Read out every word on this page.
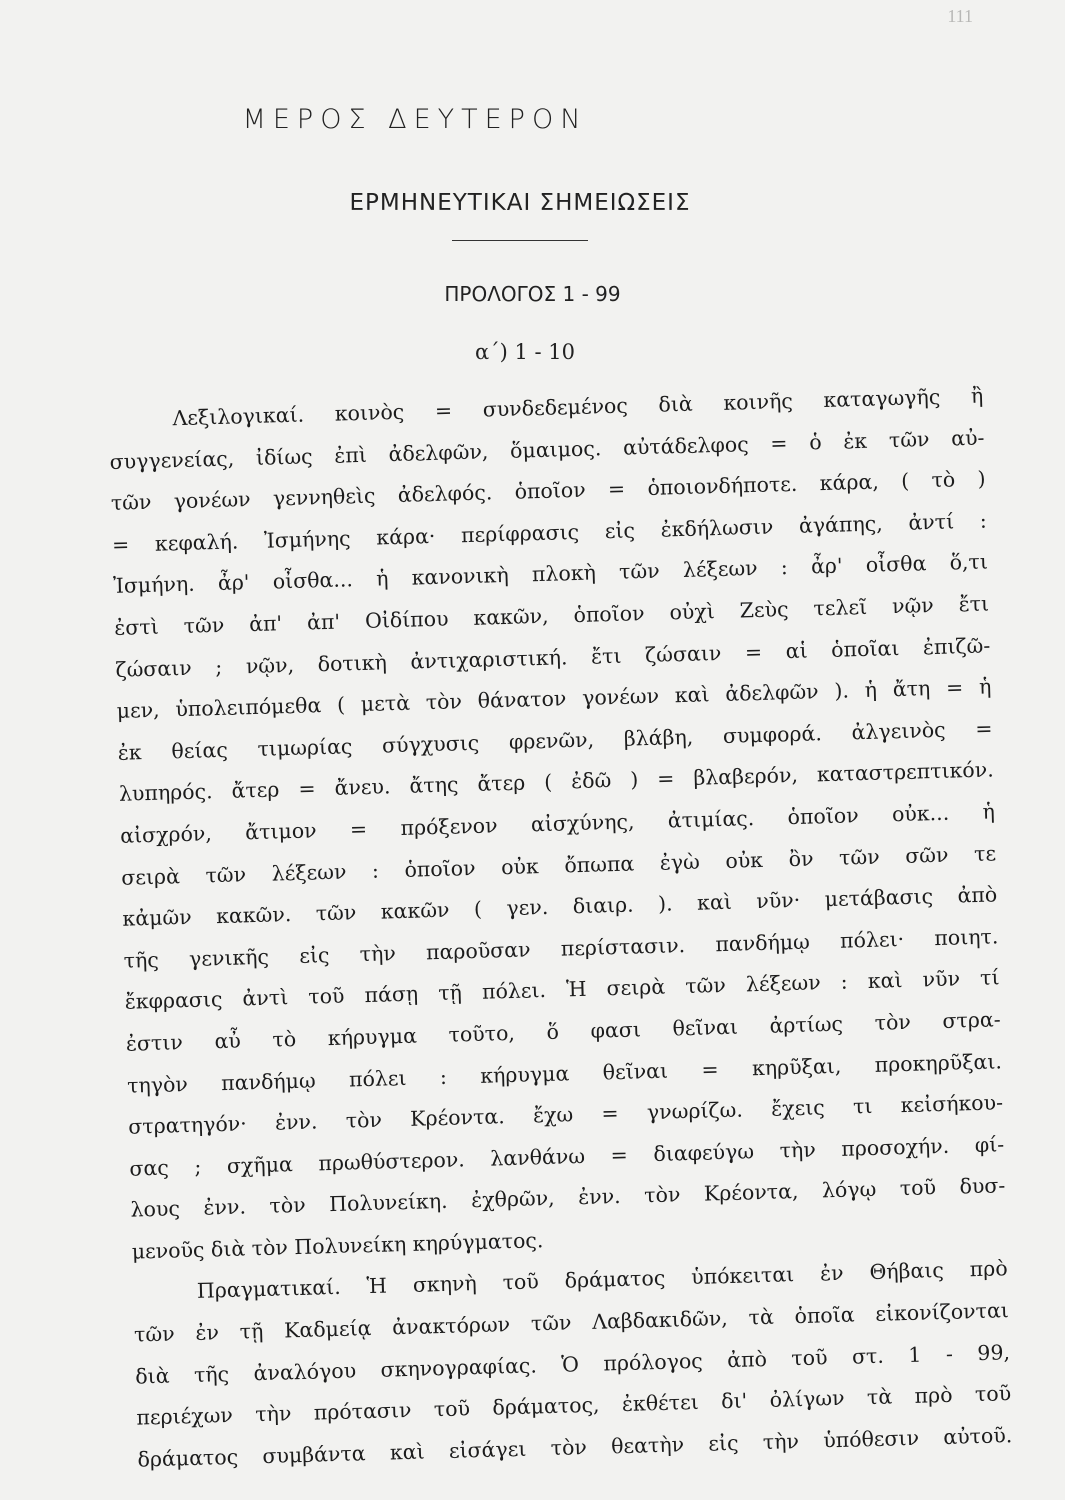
111
ΜΕΡΟΣ ΔΕΥΤΕΡΟΝ
ΕΡΜΗΝΕΥΤΙΚΑΙ ΣΗΜΕΙΩΣΕΙΣ
ΠΡΟΛΟΓΟΣ 1 - 99
α΄) 1 - 10
Λεξιλογικαί. κοινὸς = συνδεδεμένος διὰ κοινῆς καταγωγῆς ἢ
συγγενείας, ἰδίως ἐπὶ ἀδελφῶν, ὅμαιμος. αὐτάδελφος = ὁ ἐκ τῶν αὐ-
τῶν γονέων γεννηθεὶς ἀδελφός. ὁποῖον = ὁποιονδήποτε. κάρα, ( τὸ )
= κεφαλή. Ἰσμήνης κάρα· περίφρασις εἰς ἐκδήλωσιν ἀγάπης, ἀντί :
Ἰσμήνη. ἆρ' οἶσθα... ἡ κανονικὴ πλοκὴ τῶν λέξεων : ἆρ' οἶσθα ὅ,τι
ἐστὶ τῶν ἀπ' ἀπ' Οἰδίπου κακῶν, ὁποῖον οὐχὶ Ζεὺς τελεῖ νῷν ἔτι
ζώσαιν ; νῷν, δοτικὴ ἀντιχαριστική. ἔτι ζώσαιν = αἱ ὁποῖαι ἐπιζῶ-
μεν, ὑπολειπόμεθα ( μετὰ τὸν θάνατον γονέων καὶ ἀδελφῶν ). ἡ ἄτη = ἡ
ἐκ θείας τιμωρίας σύγχυσις φρενῶν, βλάβη, συμφορά. ἀλγεινὸς =
λυπηρός. ἄτερ = ἄνευ. ἄτης ἄτερ ( ἐδῶ ) = βλαβερόν, καταστρεπτικόν.
αἰσχρόν, ἄτιμον = πρόξενον αἰσχύνης, ἀτιμίας. ὁποῖον οὐκ... ἡ
σειρὰ τῶν λέξεων : ὁποῖον οὐκ ὄπωπα ἐγὼ οὐκ ὂν τῶν σῶν τε
κἀμῶν κακῶν. τῶν κακῶν ( γεν. διαιρ. ). καὶ νῦν· μετάβασις ἀπὸ
τῆς γενικῆς εἰς τὴν παροῦσαν περίστασιν. πανδήμῳ πόλει· ποιητ.
ἔκφρασις ἀντὶ τοῦ πάσῃ τῇ πόλει. Ἡ σειρὰ τῶν λέξεων : καὶ νῦν τί
ἐστιν αὖ τὸ κήρυγμα τοῦτο, ὅ φασι θεῖναι ἀρτίως τὸν στρα-
τηγὸν πανδήμῳ πόλει : κήρυγμα θεῖναι = κηρῦξαι, προκηρῦξαι.
στρατηγόν· ἐνν. τὸν Κρέοντα. ἔχω = γνωρίζω. ἔχεις τι κεἰσήκου-
σας ; σχῆμα πρωθύστερον. λανθάνω = διαφεύγω τὴν προσοχήν. φί-
λους ἐνν. τὸν Πολυνείκη. ἐχθρῶν, ἐνν. τὸν Κρέοντα, λόγῳ τοῦ δυσ-
μενοῦς διὰ τὸν Πολυνείκη κηρύγματος.
Πραγματικαί. Ἡ σκηνὴ τοῦ δράματος ὑπόκειται ἐν Θήβαις πρὸ
τῶν ἐν τῇ Καδμείᾳ ἀνακτόρων τῶν Λαβδακιδῶν, τὰ ὁποῖα εἰκονίζονται
διὰ τῆς ἀναλόγου σκηνογραφίας. Ὁ πρόλογος ἀπὸ τοῦ στ. 1 - 99,
περιέχων τὴν πρότασιν τοῦ δράματος, ἐκθέτει δι' ὀλίγων τὰ πρὸ τοῦ
δράματος συμβάντα καὶ εἰσάγει τὸν θεατὴν εἰς τὴν ὑπόθεσιν αὐτοῦ.
